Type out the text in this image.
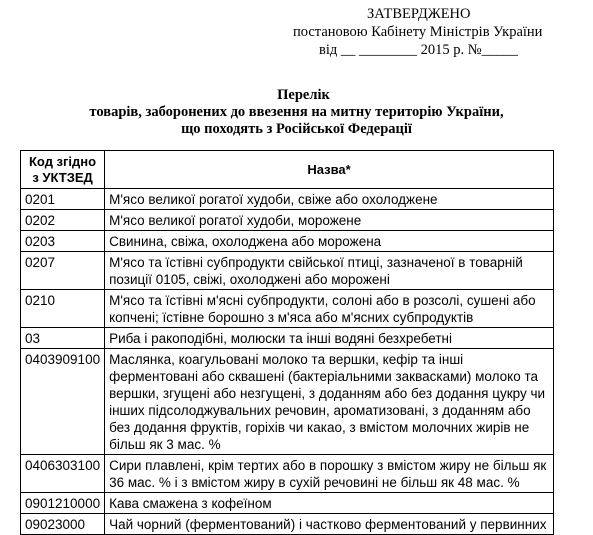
ЗАТВЕРДЖЕНО
постановою Кабінету Міністрів України
від __ ________ 2015 р. №_____
Перелік
товарів, заборонених до ввезення на митну територію України,
що походять з Російської Федерації
Код згідно з УКТЗЕД	Назва*
0201	М'ясо великої рогатої худоби, свіже або охолоджене
0202	М'ясо великої рогатої худоби, морожене
0203	Свинина, свіжа, охолоджена або морожена
0207	М'ясо та їстівні субпродукти свійської птиці, зазначеної в товарній позиції 0105, свіжі, охолоджені або морожені
0210	М'ясо та їстівні м'ясні субпродукти, солоні або в розсолі, сушені або копчені; їстівне борошно з м'яса або м'ясних субпродуктів
03	Риба і ракоподібні, молюски та інші водяні безхребетні
0403909100	Маслянка, коагульовані молоко та вершки, кефір та інші ферментовані або сквашені (бактеріальними заквасками) молоко та вершки, згущені або незгущені, з доданням або без додання цукру чи інших підсолоджувальних речовин, ароматизовані, з доданням або без додання фруктів, горіхів чи какао, з вмістом молочних жирів не більш як 3 мас. %
0406303100	Сири плавлені, крім тертих або в порошку з вмістом жиру не більш як 36 мас. % і з вмістом жиру в сухій речовині не більш як 48 мас. %
0901210000	Кава смажена з кофеїном
09023000	Чай чорний (ферментований) і частково ферментований у первинних
